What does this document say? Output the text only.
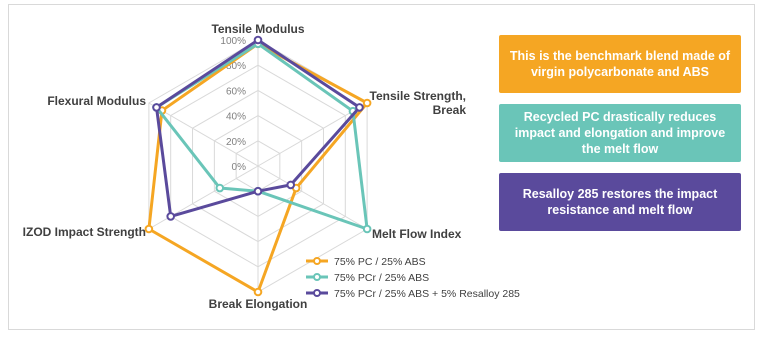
0%
20%
40%
60%
80%
100%
Tensile Modulus
Tensile Strength,
Break
Melt Flow Index
Break Elongation
IZOD Impact Strength
Flexural Modulus
75% PC / 25% ABS
75% PCr / 25% ABS
75% PCr / 25% ABS + 5% Resalloy 285
This is the benchmark blend made of virgin polycarbonate and ABS
Recycled PC drastically reduces impact and elongation and improve the melt flow
Resalloy 285 restores the impact resistance and melt flow
